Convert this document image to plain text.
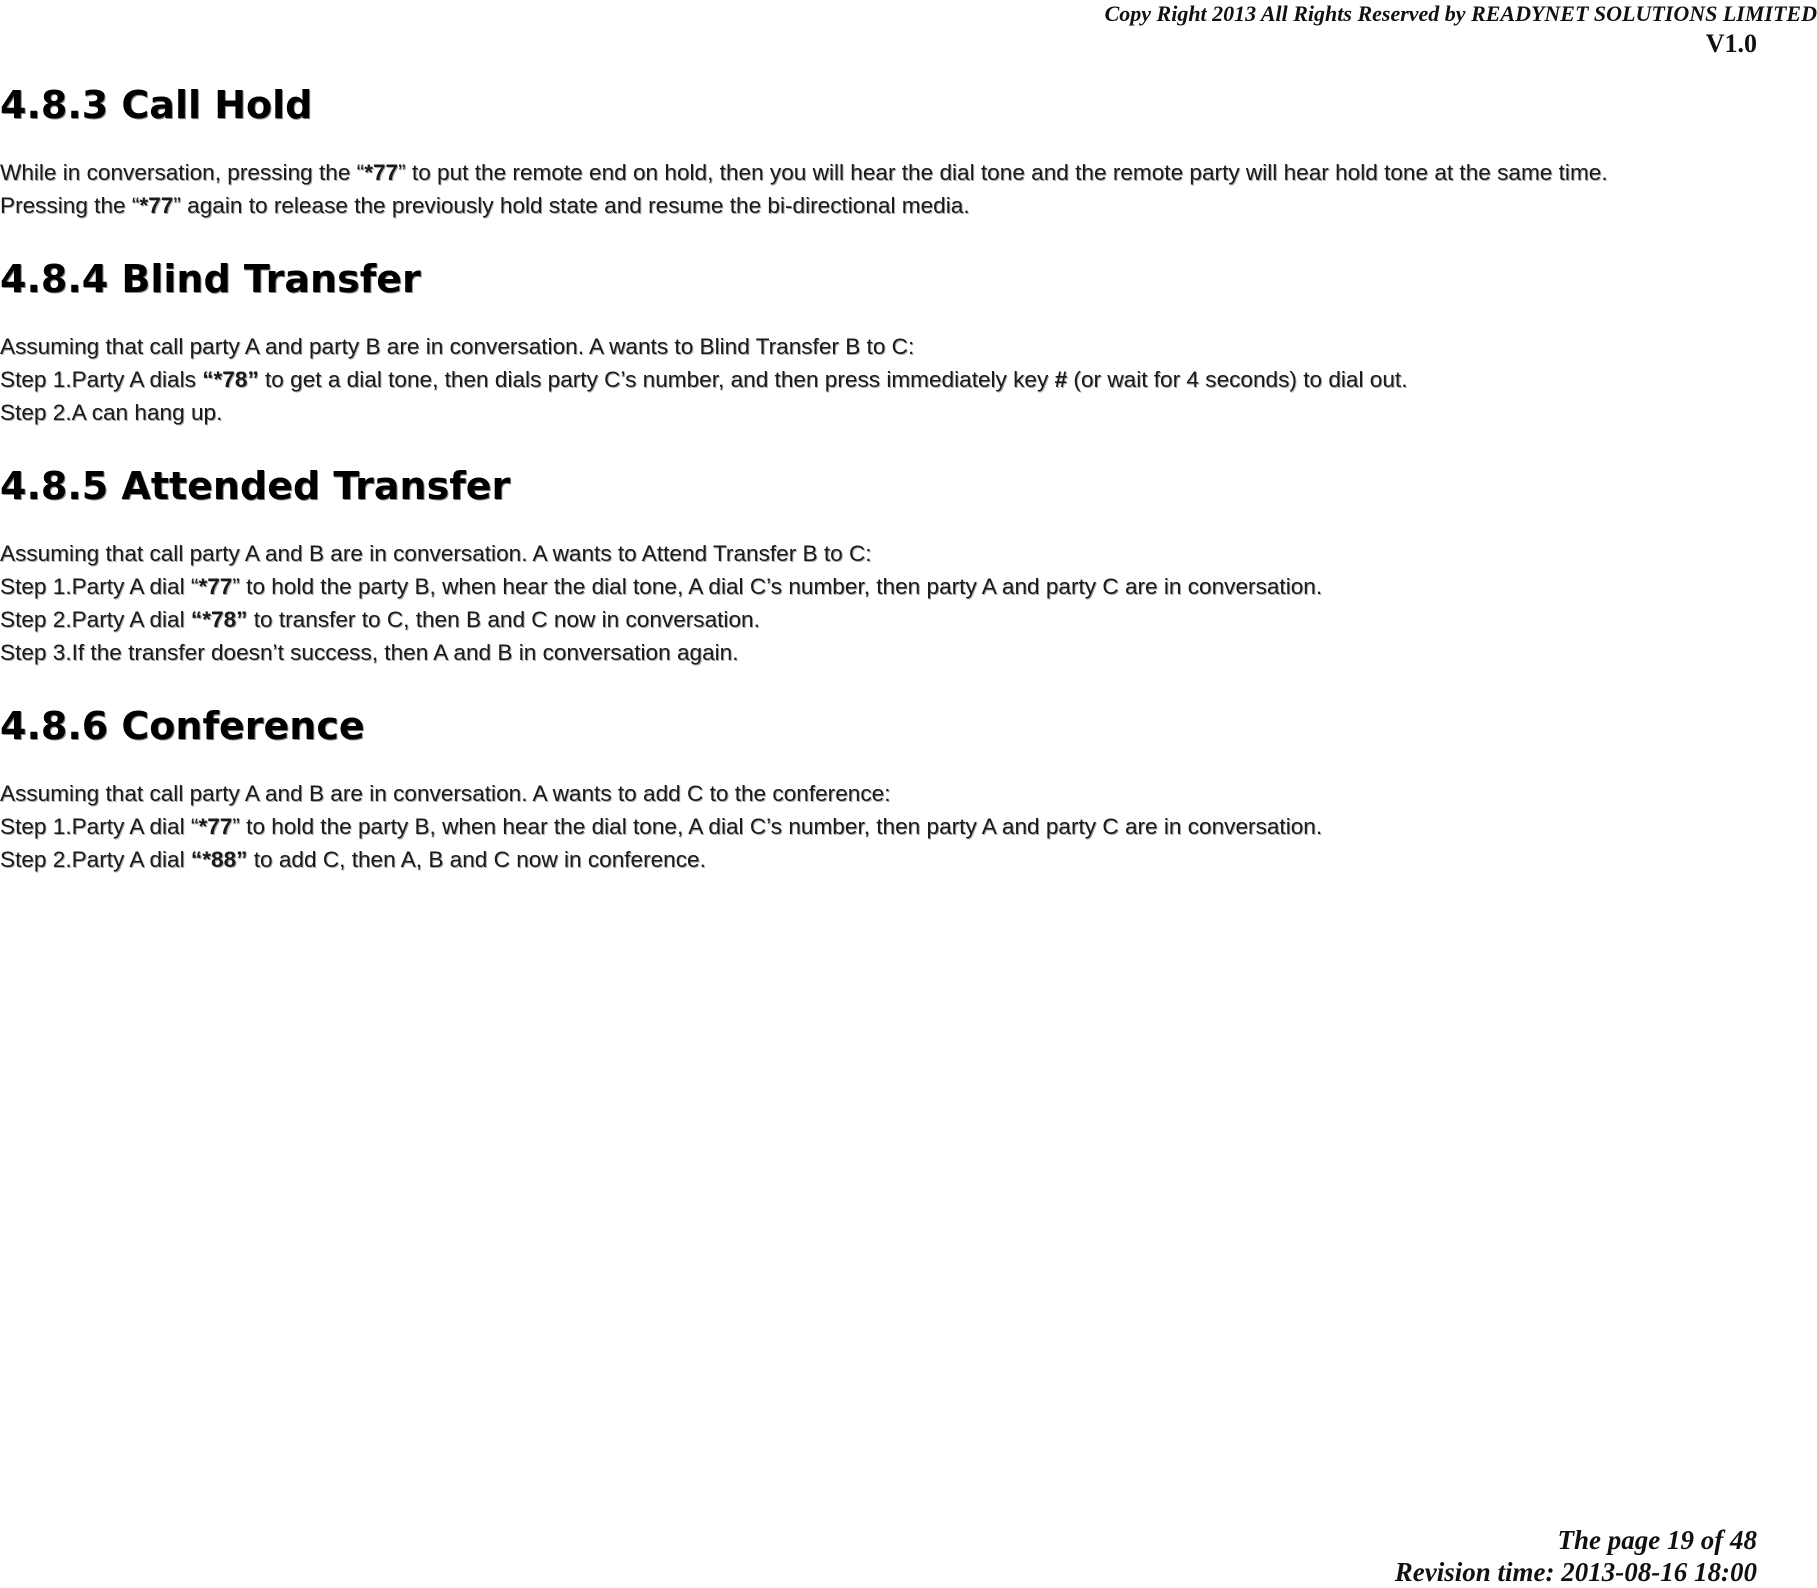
Copy Right 2013 All Rights Reserved by READYNET SOLUTIONS LIMITED
V1.0
4.8.3 Call Hold

While in conversation, pressing the “*77” to put the remote end on hold, then you will hear the dial tone and the remote party will hear hold tone at the same time.

Pressing the “*77” again to release the previously hold state and resume the bi-directional media.

4.8.4 Blind Transfer

Assuming that call party A and party B are in conversation. A wants to Blind Transfer B to C:

Step 1.Party A dials “*78” to get a dial tone, then dials party C’s number, and then press immediately key # (or wait for 4 seconds) to dial out.

Step 2.A can hang up.

4.8.5 Attended Transfer

Assuming that call party A and B are in conversation. A wants to Attend Transfer B to C:

Step 1.Party A dial “*77” to hold the party B, when hear the dial tone, A dial C’s number, then party A and party C are in conversation.

Step 2.Party A dial “*78” to transfer to C, then B and C now in conversation.

Step 3.If the transfer doesn’t success, then A and B in conversation again.

4.8.6 Conference

Assuming that call party A and B are in conversation. A wants to add C to the conference:

Step 1.Party A dial “*77” to hold the party B, when hear the dial tone, A dial C’s number, then party A and party C are in conversation.

Step 2.Party A dial “*88” to add C, then A, B and C now in conference.

The page 19 of 48
Revision time: 2013-08-16 18:00
